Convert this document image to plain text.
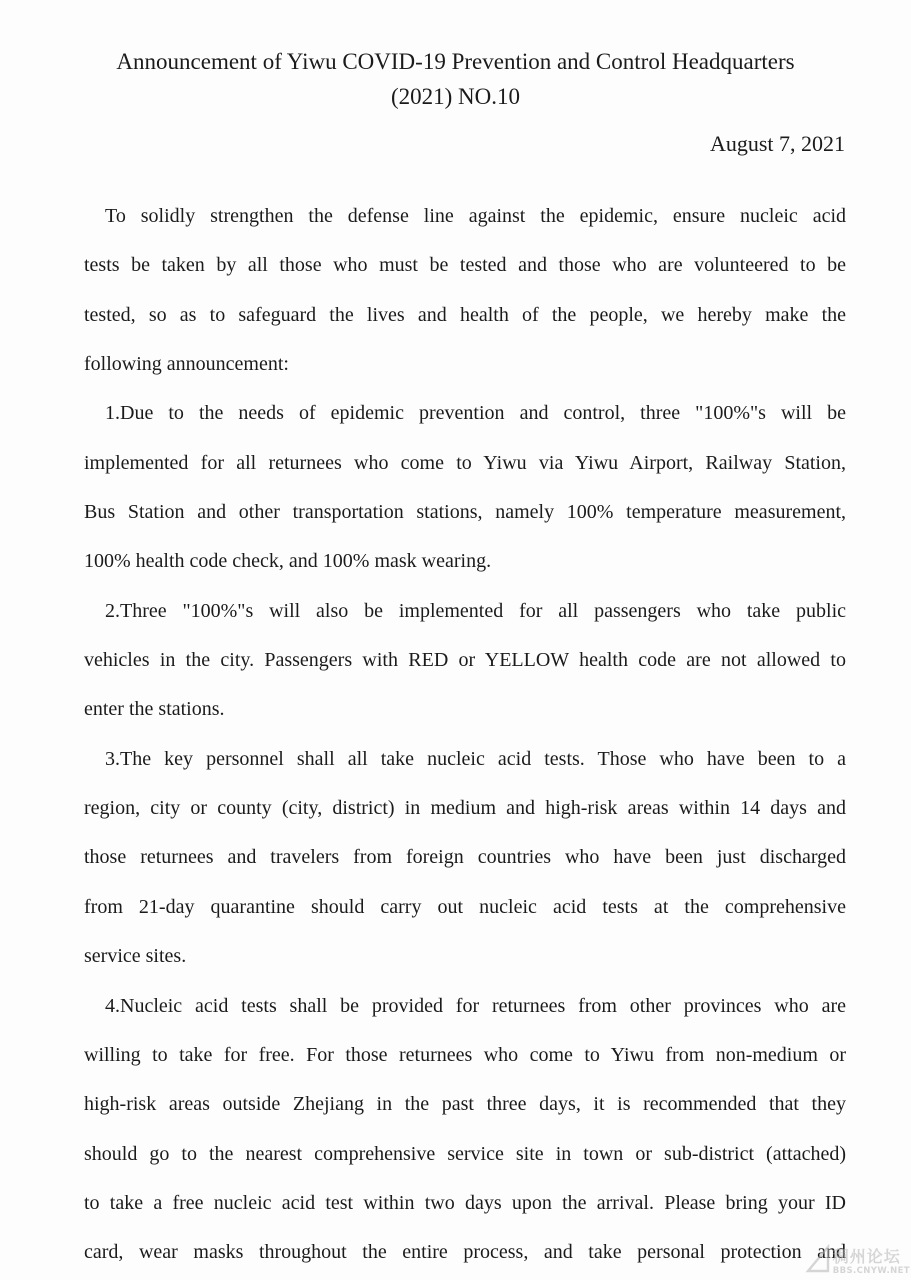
Announcement of Yiwu COVID-19 Prevention and Control Headquarters
(2021) NO.10
August 7, 2021
To solidly strengthen the defense line against the epidemic, ensure nucleic acid
tests be taken by all those who must be tested and those who are volunteered to be
tested, so as to safeguard the lives and health of the people, we hereby make the
following announcement:
1.Due to the needs of epidemic prevention and control, three "100%"s will be
implemented for all returnees who come to Yiwu via Yiwu Airport, Railway Station,
Bus Station and other transportation stations, namely 100% temperature measurement,
100% health code check, and 100% mask wearing.
2.Three "100%"s will also be implemented for all passengers who take public
vehicles in the city. Passengers with RED or YELLOW health code are not allowed to
enter the stations.
3.The key personnel shall all take nucleic acid tests. Those who have been to a
region, city or county (city, district) in medium and high-risk areas within 14 days and
those returnees and travelers from foreign countries who have been just discharged
from 21-day quarantine should carry out nucleic acid tests at the comprehensive
service sites.
4.Nucleic acid tests shall be provided for returnees from other provinces who are
willing to take for free. For those returnees who come to Yiwu from non-medium or
high-risk areas outside Zhejiang in the past three days, it is recommended that they
should go to the nearest comprehensive service site in town or sub-district (attached)
to take a free nucleic acid test within two days upon the arrival. Please bring your ID
card, wear masks throughout the entire process, and take personal protection and
稠州论坛
BBS.CNYW.NET
